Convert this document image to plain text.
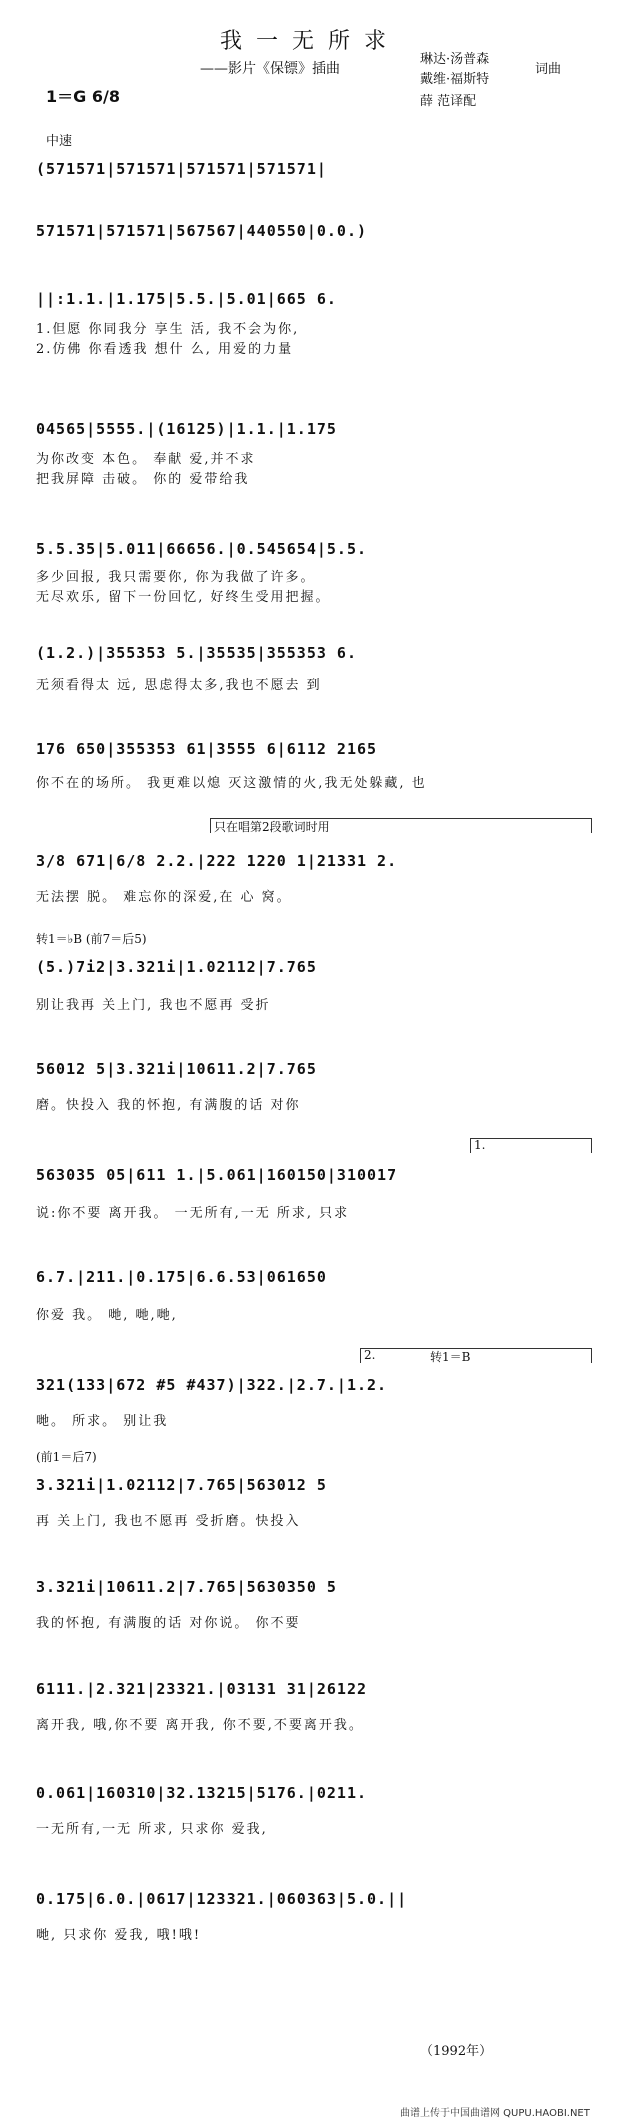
我一无所求
——影片《保镖》插曲
1＝G 6/8
琳达·汤普森
戴维·福斯特
词曲
薛 范译配
中速
(571571|571571|571571|571571|
571571|571571|567567|440550|0.0.)
||:1.1.|1.175|5.5.|5.01|665 6.
1.但愿 你同我分 享生 活, 我不会为你,
2.仿佛 你看透我 想什 么, 用爱的力量
04565|5555.|(16125)|1.1.|1.175
为你改变 本色。 奉献 爱,并不求
把我屏障 击破。 你的 爱带给我
5.5.35|5.011|66656.|0.545654|5.5.
多少回报, 我只需要你, 你为我做了许多。
无尽欢乐, 留下一份回忆, 好终生受用把握。
(1.2.)|355353 5.|35535|355353 6.
无须看得太 远, 思虑得太多,我也不愿去 到
176 650|355353 61|3555 6|6112 2165
你不在的场所。 我更难以熄 灭这激情的火,我无处躲藏, 也
只在唱第2段歌词时用
3/8 671|6/8 2.2.|222 1220 1|21331 2.
无法摆 脱。 难忘你的深爱,在 心 窝。
转1＝♭B (前7＝后5)
(5.)7i2|3.321i|1.02112|7.765
别让我再 关上门, 我也不愿再 受折
56012 5|3.321i|10611.2|7.765
磨。快投入 我的怀抱, 有满腹的话 对你
1.
563035 05|611 1.|5.061|160150|310017
说:你不要 离开我。 一无所有,一无 所求, 只求
6.7.|211.|0.175|6.6.53|061650
你爱 我。 哋, 哋,哋,
2.	转1＝B
321(133|672 #5 #437)|322.|2.7.|1.2.
哋。 所求。 别让我
(前1＝后7)
3.321i|1.02112|7.765|563012 5
再 关上门, 我也不愿再 受折磨。快投入
3.321i|10611.2|7.765|5630350 5
我的怀抱, 有满腹的话 对你说。 你不要
6111.|2.321|23321.|03131 31|26122
离开我, 哦,你不要 离开我, 你不要,不要离开我。
0.061|160310|32.13215|5176.|0211.
一无所有,一无 所求, 只求你 爱我,
0.175|6.0.|0617|123321.|060363|5.0.||
哋, 只求你 爱我, 哦!哦!
（1992年）
曲谱上传于中国曲谱网 QUPU.HAOBI.NET
